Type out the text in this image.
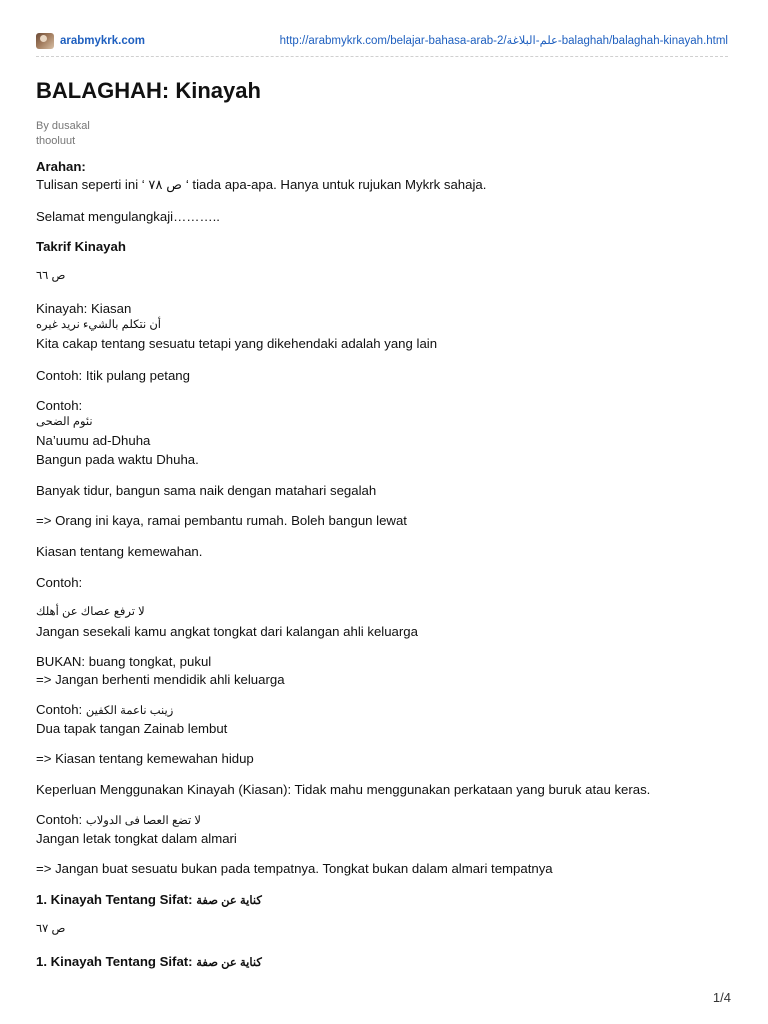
arabmykrk.com	http://arabmykrk.com/belajar-bahasa-arab-2/علم-البلاغة-balaghah/balaghah-kinayah.html
BALAGHAH: Kinayah
By dusakal
thooluut
Arahan:
Tulisan seperti ini ‘ ص ٧٨ ‘ tiada apa-apa. Hanya untuk rujukan Mykrk sahaja.
Selamat mengulangkaji………..
Takrif Kinayah
ص ٦٦
Kinayah: Kiasan
أن نتكلم بالشيء نريد غيره
Kita cakap tentang sesuatu tetapi yang dikehendaki adalah yang lain
Contoh: Itik pulang petang
Contoh:
نئوم الضحى
Na’uumu ad-Dhuha
Bangun pada waktu Dhuha.
Banyak tidur, bangun sama naik dengan matahari segalah
=> Orang ini kaya, ramai pembantu rumah. Boleh bangun lewat
Kiasan tentang kemewahan.
Contoh:
لا ترفع عصاك عن أهلك
Jangan sesekali kamu angkat tongkat dari kalangan ahli keluarga
BUKAN: buang tongkat, pukul
=> Jangan berhenti mendidik ahli keluarga
Contoh: زينب ناعمة الكفين
Dua tapak tangan Zainab lembut
=> Kiasan tentang kemewahan hidup
Keperluan Menggunakan Kinayah (Kiasan): Tidak mahu menggunakan perkataan yang buruk atau keras.
Contoh: لا تضع العصا فى الدولاب
Jangan letak tongkat dalam almari
=> Jangan buat sesuatu bukan pada tempatnya. Tongkat bukan dalam almari tempatnya
1. Kinayah Tentang Sifat: كناية عن صفة
ص ٦٧
1. Kinayah Tentang Sifat: كناية عن صفة
1/4
